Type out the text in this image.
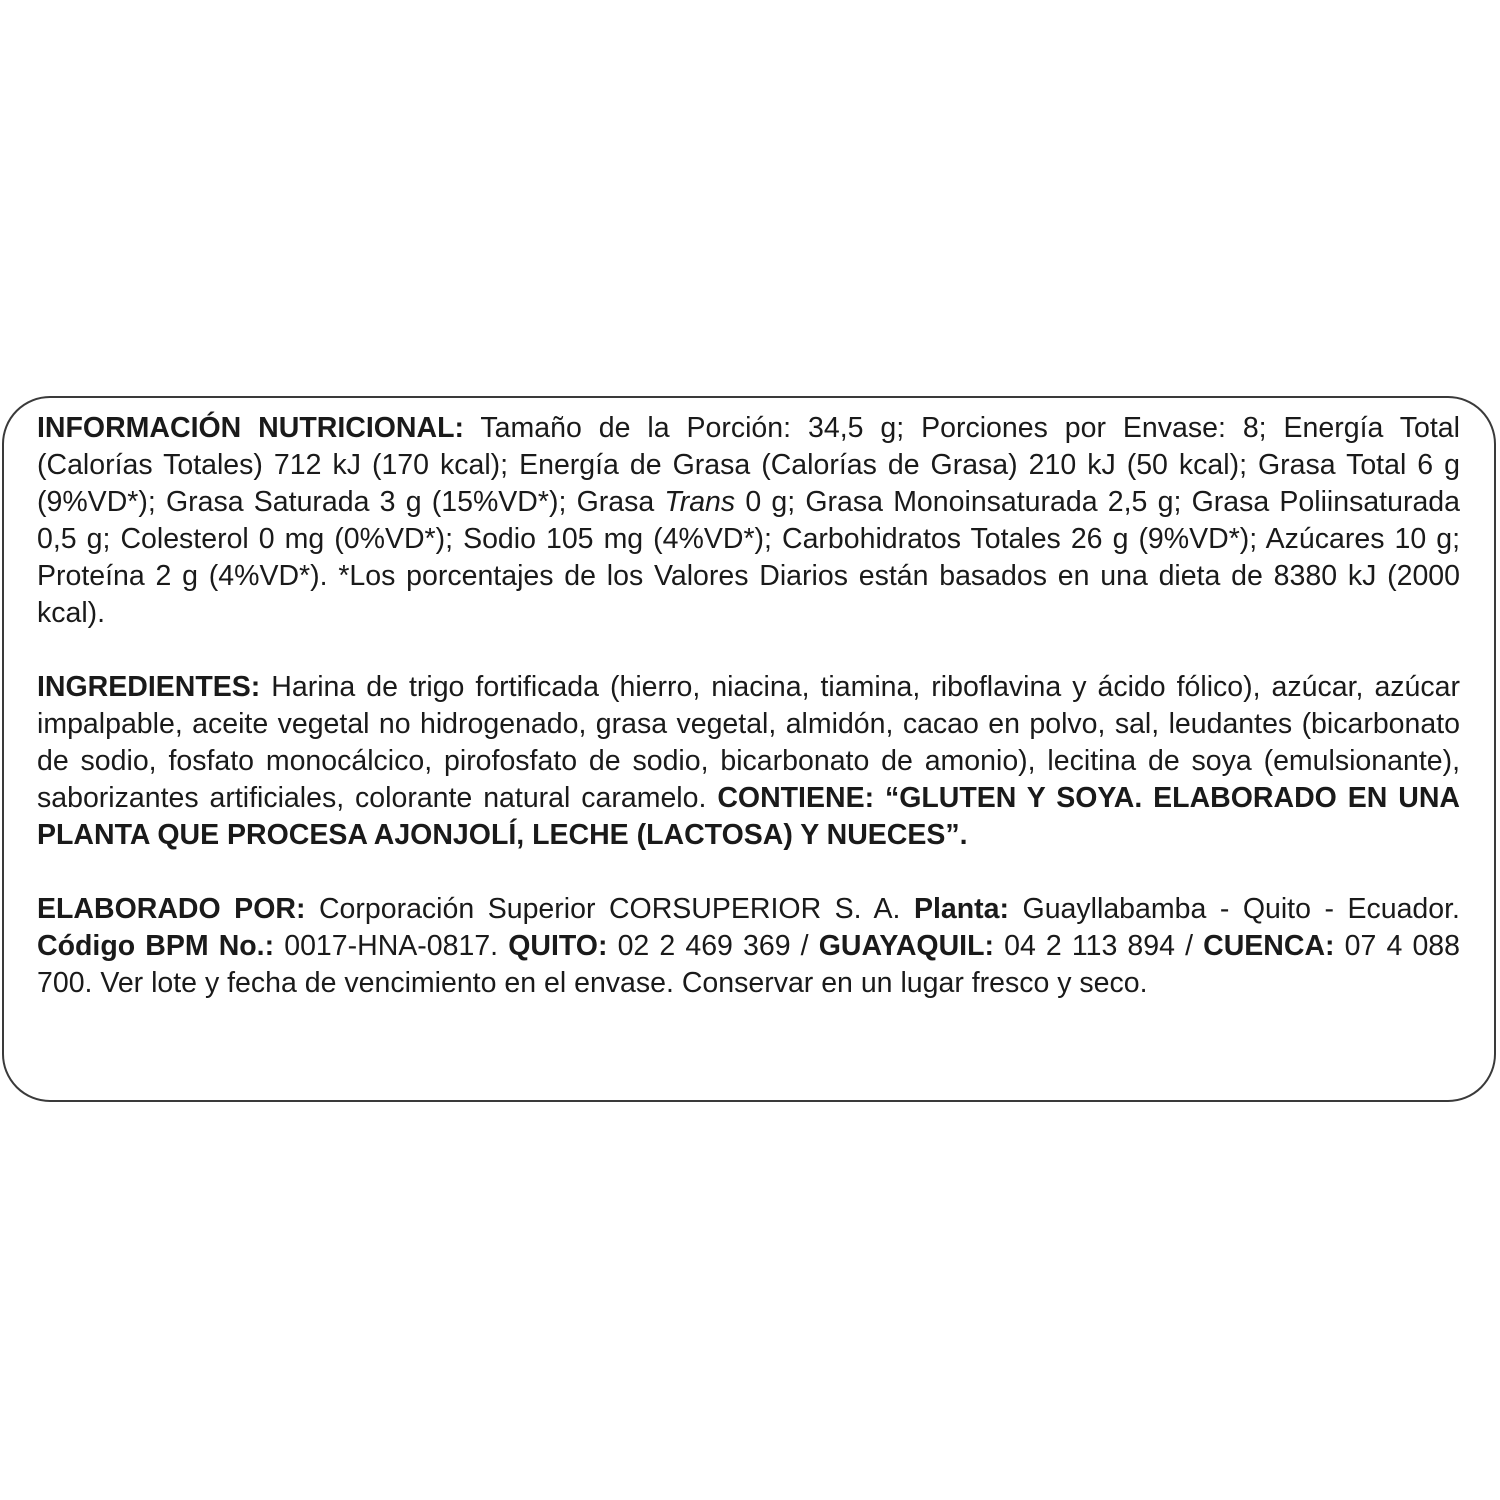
INFORMACIÓN NUTRICIONAL: Tamaño de la Porción: 34,5 g; Porciones por Envase: 8; Energía Total (Calorías Totales) 712 kJ (170 kcal); Energía de Grasa (Calorías de Grasa) 210 kJ (50 kcal); Grasa Total 6 g (9%VD*); Grasa Saturada 3 g (15%VD*); Grasa Trans 0 g; Grasa Monoinsaturada 2,5 g; Grasa Poliinsaturada 0,5 g; Colesterol 0 mg (0%VD*); Sodio 105 mg (4%VD*); Carbohidratos Totales 26 g (9%VD*); Azúcares 10 g; Proteína 2 g (4%VD*). *Los porcentajes de los Valores Diarios están basados en una dieta de 8380 kJ (2000 kcal).

INGREDIENTES: Harina de trigo fortificada (hierro, niacina, tiamina, riboflavina y ácido fólico), azúcar, azúcar impalpable, aceite vegetal no hidrogenado, grasa vegetal, almidón, cacao en polvo, sal, leudantes (bicarbonato de sodio, fosfato monocálcico, pirofosfato de sodio, bicarbonato de amonio), lecitina de soya (emulsionante), saborizantes artificiales, colorante natural caramelo. CONTIENE: “GLUTEN Y SOYA. ELABORADO EN UNA PLANTA QUE PROCESA AJONJOLÍ, LECHE (LACTOSA) Y NUECES”.

ELABORADO POR: Corporación Superior CORSUPERIOR S. A. Planta: Guayllabamba - Quito - Ecuador.  Código BPM No.: 0017-HNA-0817. QUITO: 02 2 469 369 / GUAYAQUIL: 04 2 113 894 / CUENCA: 07 4 088 700. Ver lote y fecha de vencimiento en el envase. Conservar en un lugar fresco y seco.
